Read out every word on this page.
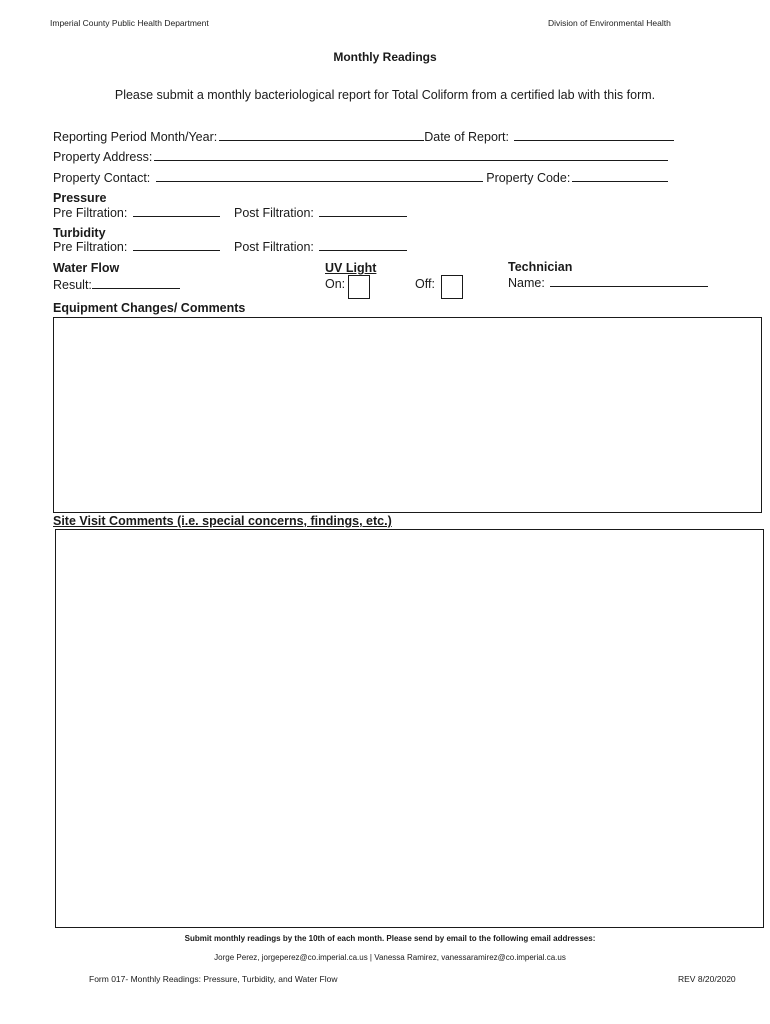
Imperial County Public Health Department	Division of Environmental Health
Monthly Readings
Please submit a monthly bacteriological report for Total Coliform from a certified lab with this form.
Reporting Period Month/Year:	Date of Report:
Property Address:
Property Contact:	Property Code:
Pressure
Pre Filtration:	Post Filtration:
Turbidity
Pre Filtration:	Post Filtration:
Water Flow
Result:
UV Light
On:	Off:
Technician
Name:
Equipment Changes/ Comments
Site Visit Comments (i.e. special concerns, findings, etc.)
Submit monthly readings by the 10th of each month. Please send by email to the following email addresses:
Jorge Perez, jorgeperez@co.imperial.ca.us | Vanessa Ramirez, vanessaramirez@co.imperial.ca.us
Form 017- Monthly Readings: Pressure, Turbidity, and Water Flow	REV 8/20/2020
